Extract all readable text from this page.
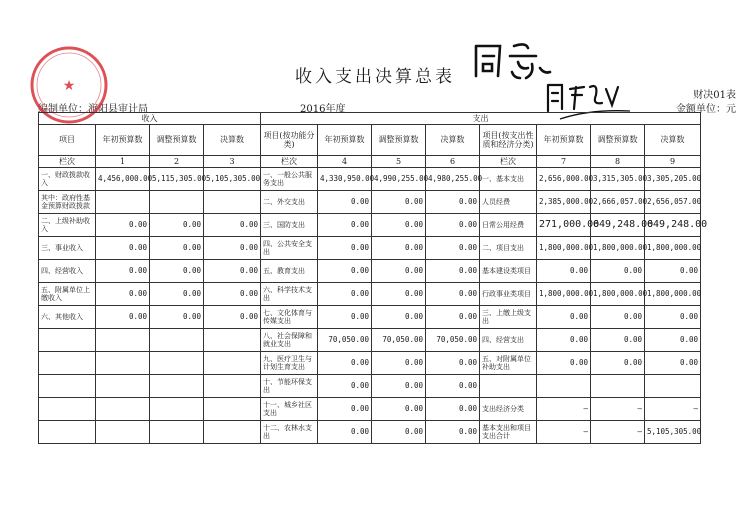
收入支出决算总表
财决01表
金额单位：元
编制单位：涧阳县审计局	2016年度
★
收入				支出							
项目	年初预算数	调整预算数	决算数	项目(按功能分类)	年初预算数	调整预算数	决算数	项目(按支出性质和经济分类)	年初预算数	调整预算数	决算数
栏次	1	2	3	栏次	4	5	6	栏次	7	8	9
一、财政拨款收入	4,456,000.00	5,115,305.00	5,105,305.00	一、一般公共服务支出	4,330,950.00	4,990,255.00	4,980,255.00	一、基本支出	2,656,000.00	3,315,305.00	3,305,205.00
其中：政府性基金预算财政拨款				二、外交支出	0.00	0.00	0.00	人员经费	2,385,000.00	2,666,057.00	2,656,057.00
二、上级补助收入	0.00	0.00	0.00	三、国防支出	0.00	0.00	0.00	日常公用经费	271,000.00	649,248.00	649,248.00
三、事业收入	0.00	0.00	0.00	四、公共安全支出	0.00	0.00	0.00	二、项目支出	1,800,000.00	1,800,000.00	1,800,000.00
四、经营收入	0.00	0.00	0.00	五、教育支出	0.00	0.00	0.00	基本建设类项目	0.00	0.00	0.00
五、附属单位上缴收入	0.00	0.00	0.00	六、科学技术支出	0.00	0.00	0.00	行政事业类项目	1,800,000.00	1,800,000.00	1,800,000.00
六、其他收入	0.00	0.00	0.00	七、文化体育与传媒支出	0.00	0.00	0.00	三、上缴上级支出	0.00	0.00	0.00
				八、社会保障和就业支出	70,050.00	70,050.00	70,050.00	四、经营支出	0.00	0.00	0.00
				九、医疗卫生与计划生育支出	0.00	0.00	0.00	五、对附属单位补助支出	0.00	0.00	0.00
				十、节能环保支出	0.00	0.00	0.00				
				十一、城乡社区支出	0.00	0.00	0.00	支出经济分类	—	—	—
				十二、农林水支出	0.00	0.00	0.00	基本支出和项目支出合计	—	—	5,105,305.00
